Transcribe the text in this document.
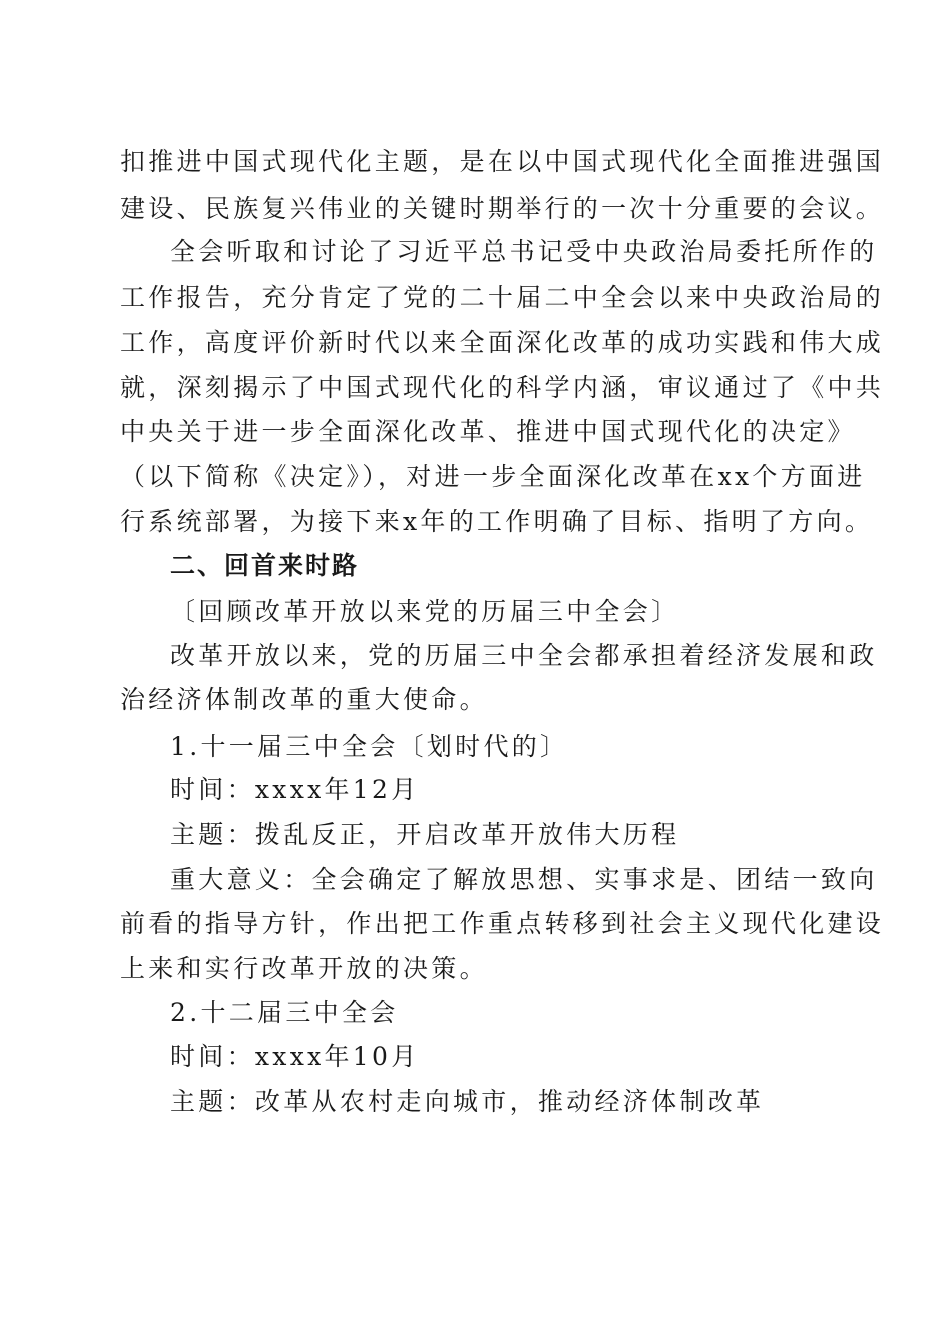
扣推进中国式现代化主题，是在以中国式现代化全面推进强国
建设、民族复兴伟业的关键时期举行的一次十分重要的会议。
全会听取和讨论了习近平总书记受中央政治局委托所作的
工作报告，充分肯定了党的二十届二中全会以来中央政治局的
工作，高度评价新时代以来全面深化改革的成功实践和伟大成
就，深刻揭示了中国式现代化的科学内涵，审议通过了《中共
中央关于进一步全面深化改革、推进中国式现代化的决定》
（以下简称《决定》），对进一步全面深化改革在xx个方面进
行系统部署，为接下来x年的工作明确了目标、指明了方向。
二、回首来时路
〔回顾改革开放以来党的历届三中全会〕
改革开放以来，党的历届三中全会都承担着经济发展和政
治经济体制改革的重大使命。
1.十一届三中全会〔划时代的〕
时间：xxxx年12月
主题：拨乱反正，开启改革开放伟大历程
重大意义：全会确定了解放思想、实事求是、团结一致向
前看的指导方针，作出把工作重点转移到社会主义现代化建设
上来和实行改革开放的决策。
2.十二届三中全会
时间：xxxx年10月
主题：改革从农村走向城市，推动经济体制改革
